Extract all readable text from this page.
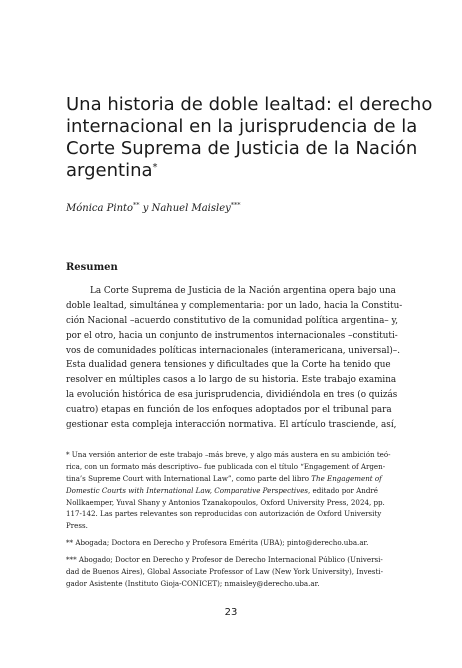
Una historia de doble lealtad: el derecho
internacional en la jurisprudencia de la
Corte Suprema de Justicia de la Nación
argentina*
Mónica Pinto** y Nahuel Maisley***
Resumen
La Corte Suprema de Justicia de la Nación argentina opera bajo una
doble lealtad, simultánea y complementaria: por un lado, hacia la Constitu-
ción Nacional –acuerdo constitutivo de la comunidad política argentina– y,
por el otro, hacia un conjunto de instrumentos internacionales –constituti-
vos de comunidades políticas internacionales (interamericana, universal)–.
Esta dualidad genera tensiones y dificultades que la Corte ha tenido que
resolver en múltiples casos a lo largo de su historia. Este trabajo examina
la evolución histórica de esa jurisprudencia, dividiéndola en tres (o quizás
cuatro) etapas en función de los enfoques adoptados por el tribunal para
gestionar esta compleja interacción normativa. El artículo trasciende, así,
* Una versión anterior de este trabajo –más breve, y algo más austera en su ambición teó-
rica, con un formato más descriptivo– fue publicada con el título “Engagement of Argen-
tina’s Supreme Court with International Law”, como parte del libro The Engagement of
Domestic Courts with International Law, Comparative Perspectives, editado por André
Nollkaemper, Yuval Shany y Antonios Tzanakopoulos, Oxford University Press, 2024, pp.
117-142. Las partes relevantes son reproducidas con autorización de Oxford University
Press.
** Abogada; Doctora en Derecho y Profesora Emérita (UBA); pinto@derecho.uba.ar.
*** Abogado; Doctor en Derecho y Profesor de Derecho Internacional Público (Universi-
dad de Buenos Aires), Global Associate Professor of Law (New York University), Investi-
gador Asistente (Instituto Gioja-CONICET); nmaisley@derecho.uba.ar.
23
